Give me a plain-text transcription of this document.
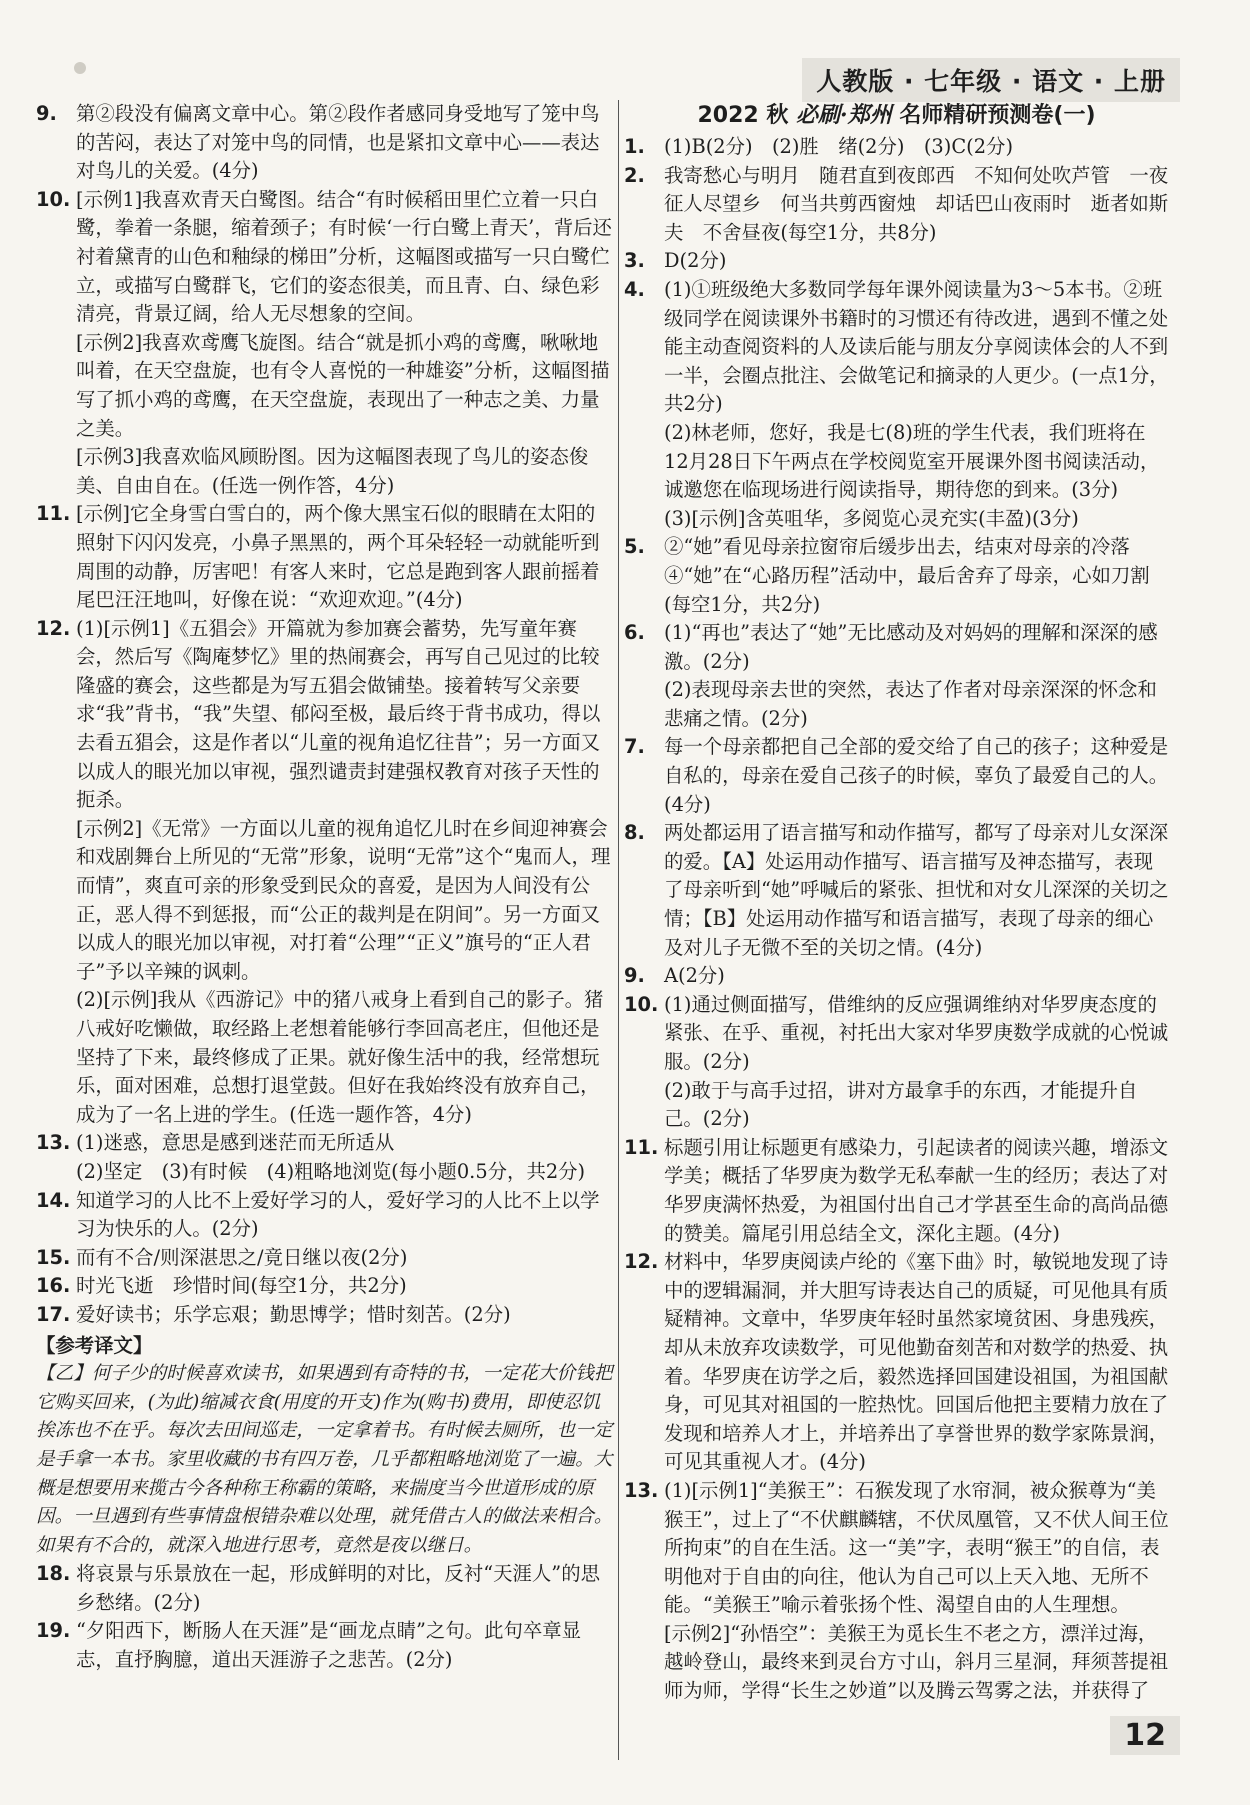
人教版 · 七年级 · 语文 · 上册
9. 第②段没有偏离文章中心。第②段作者感同身受地写了笼中鸟的苦闷，表达了对笼中鸟的同情，也是紧扣文章中心——表达对鸟儿的关爱。(4分)

10. [示例1]我喜欢青天白鹭图。结合“有时候稻田里伫立着一只白鹭，拳着一条腿，缩着颈子；有时候‘一行白鹭上青天’，背后还衬着黛青的山色和釉绿的梯田”分析，这幅图或描写一只白鹭伫立，或描写白鹭群飞，它们的姿态很美，而且青、白、绿色彩清亮，背景辽阔，给人无尽想象的空间。

[示例2]我喜欢鸢鹰飞旋图。结合“就是抓小鸡的鸢鹰，啾啾地叫着，在天空盘旋，也有令人喜悦的一种雄姿”分析，这幅图描写了抓小鸡的鸢鹰，在天空盘旋，表现出了一种志之美、力量之美。

[示例3]我喜欢临风顾盼图。因为这幅图表现了鸟儿的姿态俊美、自由自在。(任选一例作答，4分)

11. [示例]它全身雪白雪白的，两个像大黑宝石似的眼睛在太阳的照射下闪闪发亮，小鼻子黑黑的，两个耳朵轻轻一动就能听到周围的动静，厉害吧！有客人来时，它总是跑到客人跟前摇着尾巴汪汪地叫，好像在说：“欢迎欢迎。”(4分)

12. (1)[示例1]《五猖会》开篇就为参加赛会蓄势，先写童年赛会，然后写《陶庵梦忆》里的热闹赛会，再写自己见过的比较隆盛的赛会，这些都是为写五猖会做铺垫。接着转写父亲要求“我”背书，“我”失望、郁闷至极，最后终于背书成功，得以去看五猖会，这是作者以“儿童的视角追忆往昔”；另一方面又以成人的眼光加以审视，强烈谴责封建强权教育对孩子天性的扼杀。

[示例2]《无常》一方面以儿童的视角追忆儿时在乡间迎神赛会和戏剧舞台上所见的“无常”形象，说明“无常”这个“鬼而人，理而情”，爽直可亲的形象受到民众的喜爱，是因为人间没有公正，恶人得不到惩报，而“公正的裁判是在阴间”。另一方面又以成人的眼光加以审视，对打着“公理”“正义”旗号的“正人君子”予以辛辣的讽刺。

(2)[示例]我从《西游记》中的猪八戒身上看到自己的影子。猪八戒好吃懒做，取经路上老想着能够行李回高老庄，但他还是坚持了下来，最终修成了正果。就好像生活中的我，经常想玩乐，面对困难，总想打退堂鼓。但好在我始终没有放弃自己，成为了一名上进的学生。(任选一题作答，4分)

13. (1)迷惑，意思是感到迷茫而无所适从

(2)坚定　(3)有时候　(4)粗略地浏览(每小题0.5分，共2分)

14. 知道学习的人比不上爱好学习的人，爱好学习的人比不上以学习为快乐的人。(2分)

15. 而有不合/则深湛思之/竟日继以夜(2分)

16. 时光飞逝　珍惜时间(每空1分，共2分)

17. 爱好读书；乐学忘艰；勤思博学；惜时刻苦。(2分)

【参考译文】

【乙】何子少的时候喜欢读书，如果遇到有奇特的书，一定花大价钱把它购买回来，(为此)缩减衣食(用度的开支)作为(购书)费用，即使忍饥挨冻也不在乎。每次去田间巡走，一定拿着书。有时候去厕所，也一定是手拿一本书。家里收藏的书有四万卷，几乎都粗略地浏览了一遍。大概是想要用来揽古今各种称王称霸的策略，来揣度当今世道形成的原因。一旦遇到有些事情盘根错杂难以处理，就凭借古人的做法来相合。如果有不合的，就深入地进行思考，竟然是夜以继日。

18. 将哀景与乐景放在一起，形成鲜明的对比，反衬“天涯人”的思乡愁绪。(2分)

19. “夕阳西下，断肠人在天涯”是“画龙点睛”之句。此句卒章显志，直抒胸臆，道出天涯游子之悲苦。(2分)

2022 秋 必刷·郑州 名师精研预测卷(一)
1. (1)B(2分)　(2)胜　绪(2分)　(3)C(2分)

2. 我寄愁心与明月　随君直到夜郎西　不知何处吹芦管　一夜征人尽望乡　何当共剪西窗烛　却话巴山夜雨时　逝者如斯夫　不舍昼夜(每空1分，共8分)

3. D(2分)

4. (1)①班级绝大多数同学每年课外阅读量为3～5本书。②班级同学在阅读课外书籍时的习惯还有待改进，遇到不懂之处能主动查阅资料的人及读后能与朋友分享阅读体会的人不到一半，会圈点批注、会做笔记和摘录的人更少。(一点1分，共2分)

(2)林老师，您好，我是七(8)班的学生代表，我们班将在12月28日下午两点在学校阅览室开展课外图书阅读活动，诚邀您在临现场进行阅读指导，期待您的到来。(3分)

(3)[示例]含英咀华，多阅览心灵充实(丰盈)(3分)

5. ②“她”看见母亲拉窗帘后缓步出去，结束对母亲的冷落　④“她”在“心路历程”活动中，最后舍弃了母亲，心如刀割(每空1分，共2分)

6. (1)“再也”表达了“她”无比感动及对妈妈的理解和深深的感激。(2分)

(2)表现母亲去世的突然，表达了作者对母亲深深的怀念和悲痛之情。(2分)

7. 每一个母亲都把自己全部的爱交给了自己的孩子；这种爱是自私的，母亲在爱自己孩子的时候，辜负了最爱自己的人。(4分)

8. 两处都运用了语言描写和动作描写，都写了母亲对儿女深深的爱。【A】处运用动作描写、语言描写及神态描写，表现了母亲听到“她”呼喊后的紧张、担忧和对女儿深深的关切之情；【B】处运用动作描写和语言描写，表现了母亲的细心及对儿子无微不至的关切之情。(4分)

9. A(2分)

10. (1)通过侧面描写，借维纳的反应强调维纳对华罗庚态度的紧张、在乎、重视，衬托出大家对华罗庚数学成就的心悦诚服。(2分)

(2)敢于与高手过招，讲对方最拿手的东西，才能提升自己。(2分)

11. 标题引用让标题更有感染力，引起读者的阅读兴趣，增添文学美；概括了华罗庚为数学无私奉献一生的经历；表达了对华罗庚满怀热爱，为祖国付出自己才学甚至生命的高尚品德的赞美。篇尾引用总结全文，深化主题。(4分)

12. 材料中，华罗庚阅读卢纶的《塞下曲》时，敏锐地发现了诗中的逻辑漏洞，并大胆写诗表达自己的质疑，可见他具有质疑精神。文章中，华罗庚年轻时虽然家境贫困、身患残疾，却从未放弃攻读数学，可见他勤奋刻苦和对数学的热爱、执着。华罗庚在访学之后，毅然选择回国建设祖国，为祖国献身，可见其对祖国的一腔热忱。回国后他把主要精力放在了发现和培养人才上，并培养出了享誉世界的数学家陈景润，可见其重视人才。(4分)

13. (1)[示例1]“美猴王”：石猴发现了水帘洞，被众猴尊为“美猴王”，过上了“不伏麒麟辖，不伏凤凰管，又不伏人间王位所拘束”的自在生活。这一“美”字，表明“猴王”的自信，表明他对于自由的向往，他认为自己可以上天入地、无所不能。“美猴王”喻示着张扬个性、渴望自由的人生理想。

[示例2]“孙悟空”：美猴王为觅长生不老之方，漂洋过海，越岭登山，最终来到灵台方寸山，斜月三星洞，拜须菩提祖师为师，学得“长生之妙道”以及腾云驾雾之法，并获得了

12
